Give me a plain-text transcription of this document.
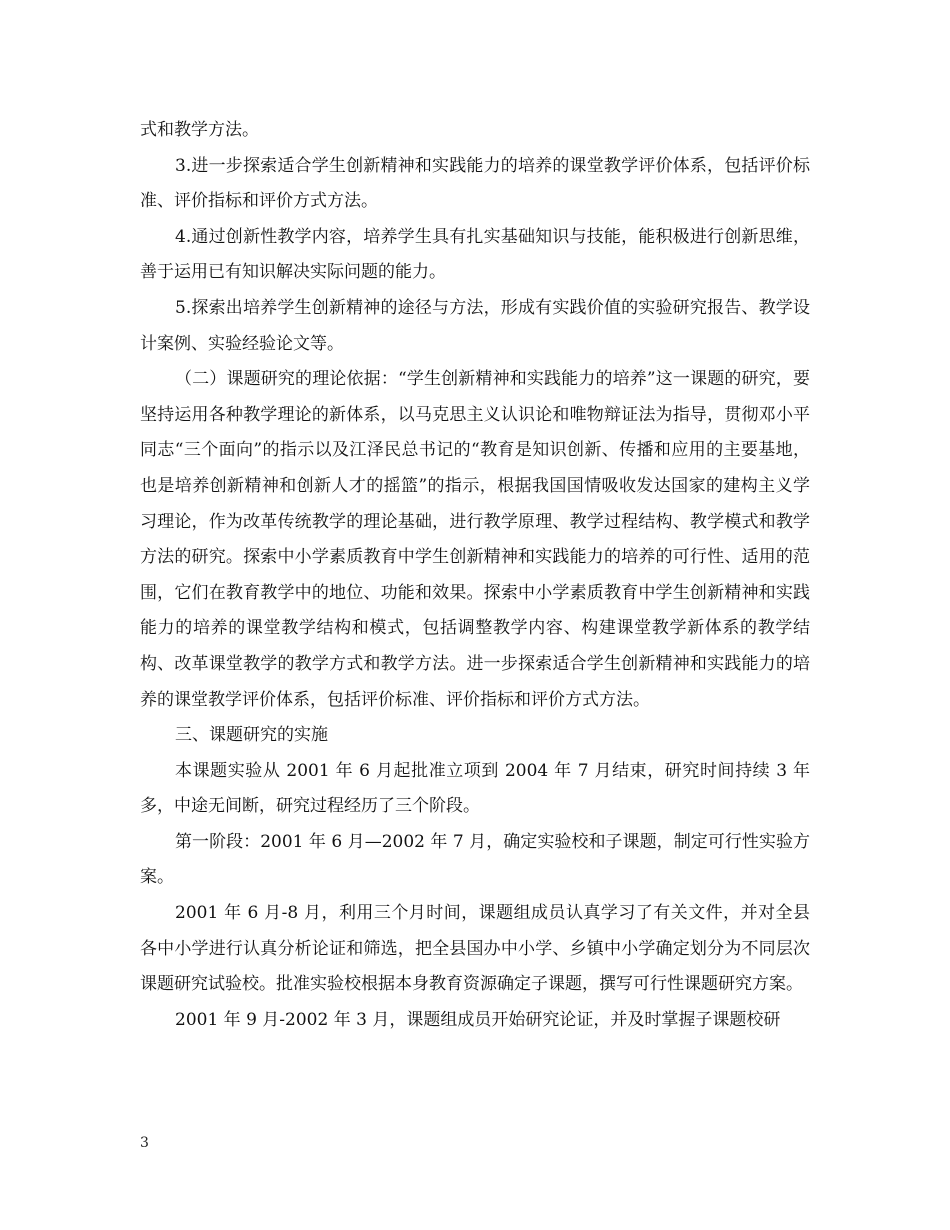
式和教学方法。

3.进一步探索适合学生创新精神和实践能力的培养的课堂教学评价体系，包括评价标准、评价指标和评价方式方法。

4.通过创新性教学内容，培养学生具有扎实基础知识与技能，能积极进行创新思维，善于运用已有知识解决实际问题的能力。

5.探索出培养学生创新精神的途径与方法，形成有实践价值的实验研究报告、教学设计案例、实验经验论文等。

（二）课题研究的理论依据：“学生创新精神和实践能力的培养”这一课题的研究，要坚持运用各种教学理论的新体系，以马克思主义认识论和唯物辩证法为指导，贯彻邓小平同志“三个面向”的指示以及江泽民总书记的“教育是知识创新、传播和应用的主要基地，也是培养创新精神和创新人才的摇篮”的指示，根据我国国情吸收发达国家的建构主义学习理论，作为改革传统教学的理论基础，进行教学原理、教学过程结构、教学模式和教学方法的研究。探索中小学素质教育中学生创新精神和实践能力的培养的可行性、适用的范围，它们在教育教学中的地位、功能和效果。探索中小学素质教育中学生创新精神和实践能力的培养的课堂教学结构和模式，包括调整教学内容、构建课堂教学新体系的教学结构、改革课堂教学的教学方式和教学方法。进一步探索适合学生创新精神和实践能力的培养的课堂教学评价体系，包括评价标准、评价指标和评价方式方法。

三、课题研究的实施

本课题实验从 2001 年 6 月起批准立项到 2004 年 7 月结束，研究时间持续 3 年多，中途无间断，研究过程经历了三个阶段。

第一阶段：2001 年 6 月—2002 年 7 月，确定实验校和子课题，制定可行性实验方案。

2001 年 6 月-8 月，利用三个月时间，课题组成员认真学习了有关文件，并对全县各中小学进行认真分析论证和筛选，把全县国办中小学、乡镇中小学确定划分为不同层次课题研究试验校。批准实验校根据本身教育资源确定子课题，撰写可行性课题研究方案。

2001 年 9 月-2002 年 3 月，课题组成员开始研究论证，并及时掌握子课题校研

3
